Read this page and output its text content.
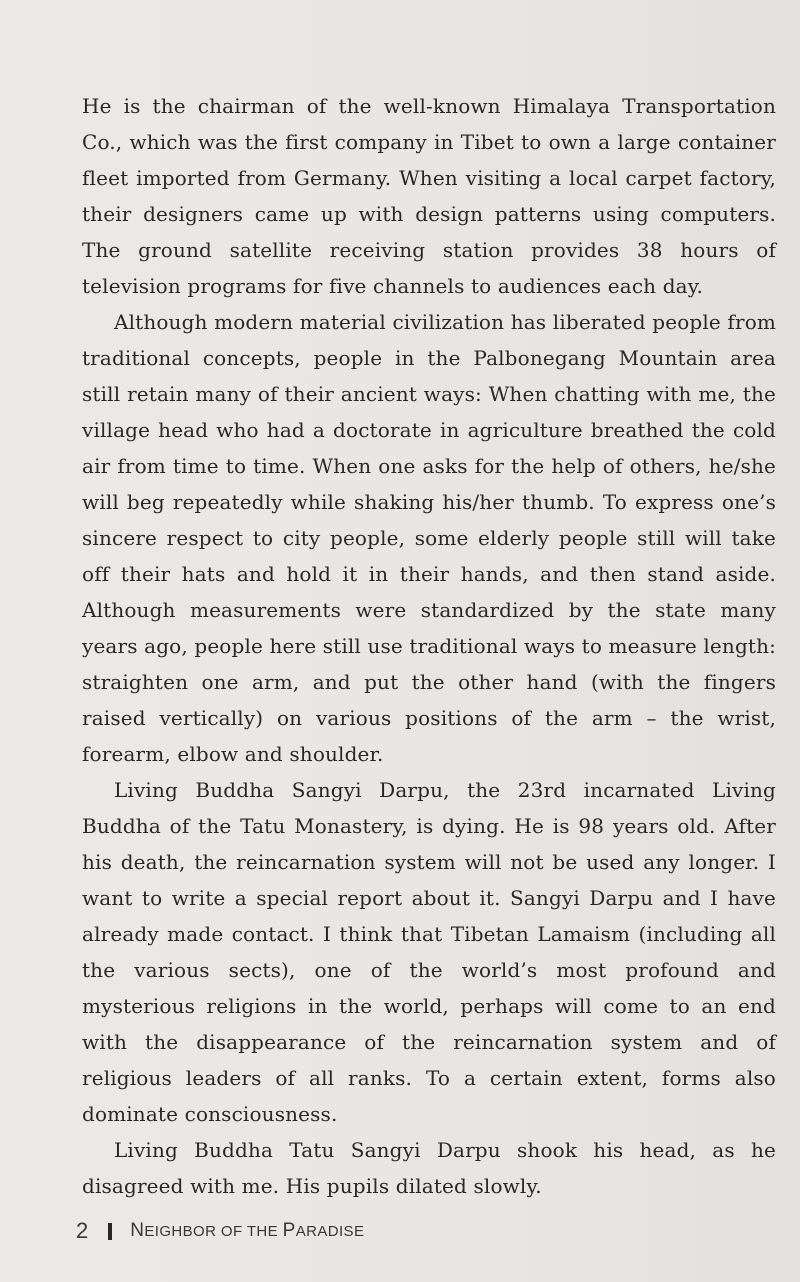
He is the chairman of the well-known Himalaya Transportation Co., which was the first company in Tibet to own a large container fleet imported from Germany. When visiting a local carpet factory, their designers came up with design patterns using computers. The ground satellite receiving station provides 38 hours of television programs for five channels to audiences each day.

Although modern material civilization has liberated people from traditional concepts, people in the Palbonegang Mountain area still retain many of their ancient ways: When chatting with me, the village head who had a doctorate in agriculture breathed the cold air from time to time. When one asks for the help of others, he/she will beg repeatedly while shaking his/her thumb. To express one’s sincere respect to city people, some elderly people still will take off their hats and hold it in their hands, and then stand aside. Although measurements were standardized by the state many years ago, people here still use traditional ways to measure length: straighten one arm, and put the other hand (with the fingers raised vertically) on various positions of the arm – the wrist, forearm, elbow and shoulder.

Living Buddha Sangyi Darpu, the 23rd incarnated Living Buddha of the Tatu Monastery, is dying. He is 98 years old. After his death, the reincarnation system will not be used any longer. I want to write a special report about it. Sangyi Darpu and I have already made contact. I think that Tibetan Lamaism (including all the various sects), one of the world’s most profound and mysterious religions in the world, perhaps will come to an end with the disappearance of the reincarnation system and of religious leaders of all ranks. To a certain extent, forms also dominate consciousness.

Living Buddha Tatu Sangyi Darpu shook his head, as he disagreed with me. His pupils dilated slowly.

2 NEIGHBOR OF THE PARADISE
